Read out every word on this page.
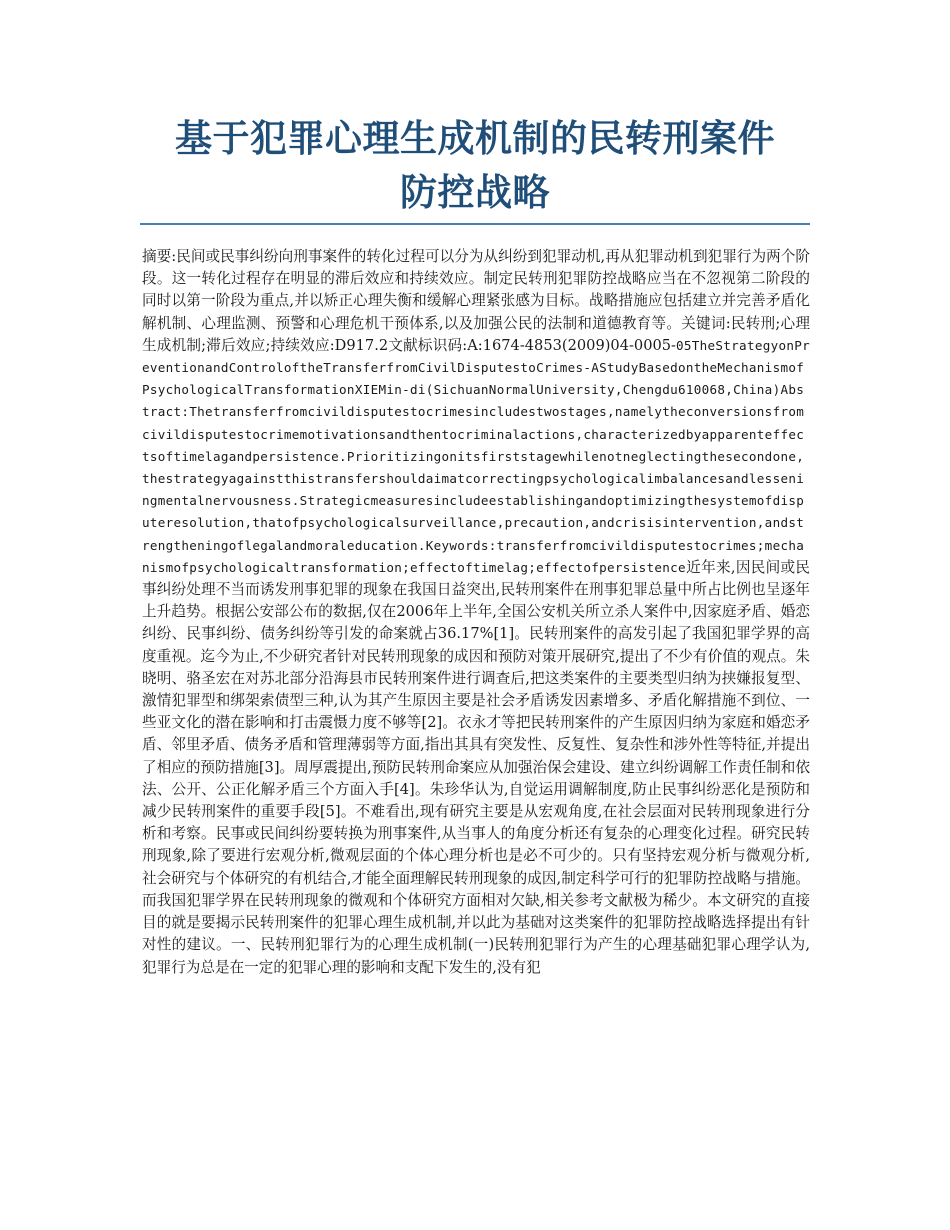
基于犯罪心理生成机制的民转刑案件
防控战略

摘要:民间或民事纠纷向刑事案件的转化过程可以分为从纠纷到犯罪动机,再从犯罪动机到犯罪行为两个阶段。这一转化过程存在明显的滞后效应和持续效应。制定民转刑犯罪防控战略应当在不忽视第二阶段的同时以第一阶段为重点,并以矫正心理失衡和缓解心理紧张感为目标。战略措施应包括建立并完善矛盾化解机制、心理监测、预警和心理危机干预体系,以及加强公民的法制和道德教育等。关键词:民转刑;心理生成机制;滞后效应;持续效应:D917.2文献标识码:A:1674-4853(2009)04-0005-05TheStrategyonPreventionandControloftheTransferfromCivilDisputestoCrimes-AStudyBasedontheMechanismofPsychologicalTransformationXIEMin-di(SichuanNormalUniversity,Chengdu610068,China)Abstract:Thetransferfromcivildisputestocrimesincludestwostages,namelytheconversionsfromcivildisputestocrimemotivationsandthentocriminalactions,characterizedbyapparenteffectsoftimelagandpersistence.Prioritizingonitsfirststagewhilenotneglectingthesecondone,thestrategyagainstthistransfershouldaimatcorrectingpsychologicalimbalancesandlesseningmentalnervousness.Strategicmeasuresincludeestablishingandoptimizingthesystemofdisputeresolution,thatofpsychologicalsurveillance,precaution,andcrisisintervention,andstrengtheningoflegalandmoraleducation.Keywords:transferfromcivildisputestocrimes;mechanismofpsychologicaltransformation;effectoftimelag;effectofpersistence近年来,因民间或民事纠纷处理不当而诱发刑事犯罪的现象在我国日益突出,民转刑案件在刑事犯罪总量中所占比例也呈逐年上升趋势。根据公安部公布的数据,仅在2006年上半年,全国公安机关所立杀人案件中,因家庭矛盾、婚恋纠纷、民事纠纷、债务纠纷等引发的命案就占36.17%[1]。民转刑案件的高发引起了我国犯罪学界的高度重视。迄今为止,不少研究者针对民转刑现象的成因和预防对策开展研究,提出了不少有价值的观点。朱晓明、骆圣宏在对苏北部分沿海县市民转刑案件进行调查后,把这类案件的主要类型归纳为挟嫌报复型、激情犯罪型和绑架索债型三种,认为其产生原因主要是社会矛盾诱发因素增多、矛盾化解措施不到位、一些亚文化的潜在影响和打击震慑力度不够等[2]。衣永才等把民转刑案件的产生原因归纳为家庭和婚恋矛盾、邻里矛盾、债务矛盾和管理薄弱等方面,指出其具有突发性、反复性、复杂性和涉外性等特征,并提出了相应的预防措施[3]。周厚震提出,预防民转刑命案应从加强治保会建设、建立纠纷调解工作责任制和依法、公开、公正化解矛盾三个方面入手[4]。朱珍华认为,自觉运用调解制度,防止民事纠纷恶化是预防和减少民转刑案件的重要手段[5]。不难看出,现有研究主要是从宏观角度,在社会层面对民转刑现象进行分析和考察。民事或民间纠纷要转换为刑事案件,从当事人的角度分析还有复杂的心理变化过程。研究民转刑现象,除了要进行宏观分析,微观层面的个体心理分析也是必不可少的。只有坚持宏观分析与微观分析,社会研究与个体研究的有机结合,才能全面理解民转刑现象的成因,制定科学可行的犯罪防控战略与措施。而我国犯罪学界在民转刑现象的微观和个体研究方面相对欠缺,相关参考文献极为稀少。本文研究的直接目的就是要揭示民转刑案件的犯罪心理生成机制,并以此为基础对这类案件的犯罪防控战略选择提出有针对性的建议。一、民转刑犯罪行为的心理生成机制(一)民转刑犯罪行为产生的心理基础犯罪心理学认为,犯罪行为总是在一定的犯罪心理的影响和支配下发生的,没有犯
